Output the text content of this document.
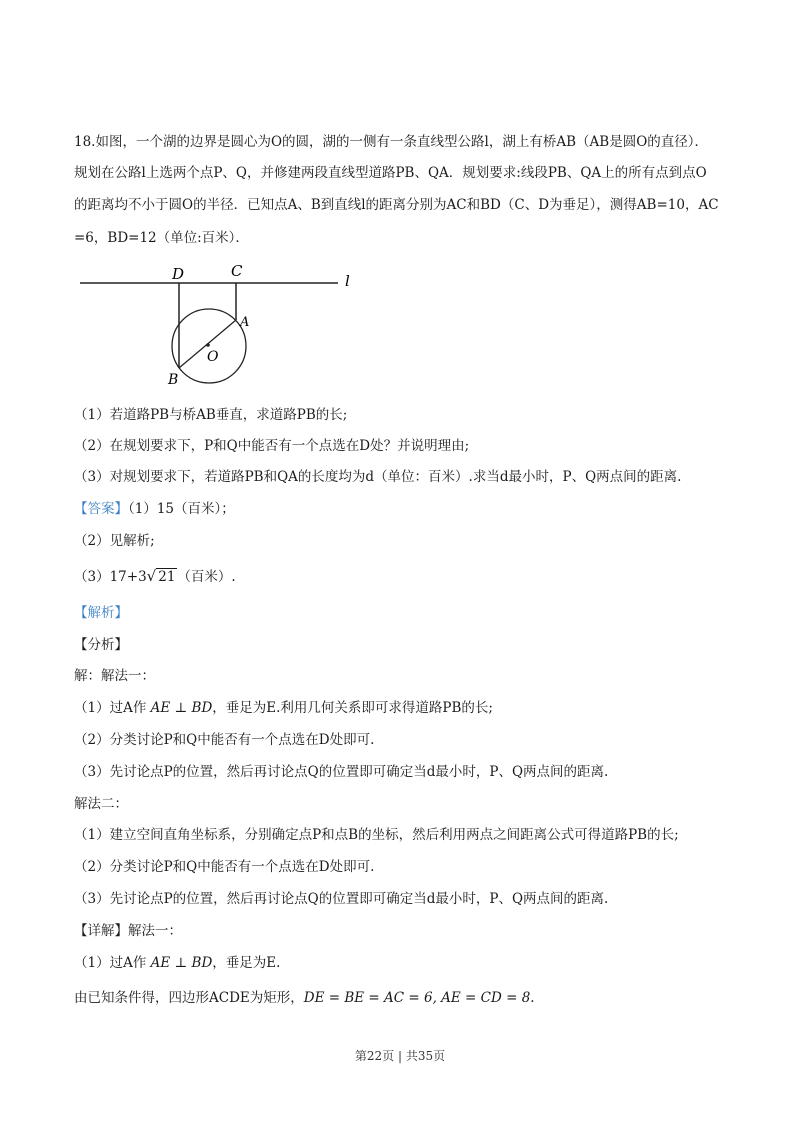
18.如图，一个湖的边界是圆心为O的圆，湖的一侧有一条直线型公路l，湖上有桥AB（AB是圆O的直径）．
规划在公路l上选两个点P、Q，并修建两段直线型道路PB、QA．规划要求:线段PB、QA上的所有点到点O
的距离均不小于圆O的半径．已知点A、B到直线l的距离分别为AC和BD（C、D为垂足），测得AB=10，AC
=6，BD=12（单位:百米）．
D	C
l
A
O
B
（1）若道路PB与桥AB垂直，求道路PB的长;
（2）在规划要求下，P和Q中能否有一个点选在D处？并说明理由;
（3）对规划要求下，若道路PB和QA的长度均为d（单位：百米）.求当d最小时，P、Q两点间的距离.
【答案】（1）15（百米）；
（2）见解析;
（3）17+3√ 21 （百米）.
【解析】
【分析】
解：解法一：
（1）过A作 AE ⊥ BD，垂足为E.利用几何关系即可求得道路PB的长;
（2）分类讨论P和Q中能否有一个点选在D处即可.
（3）先讨论点P的位置，然后再讨论点Q的位置即可确定当d最小时，P、Q两点间的距离.
解法二：
（1）建立空间直角坐标系，分别确定点P和点B的坐标，然后利用两点之间距离公式可得道路PB的长;
（2）分类讨论P和Q中能否有一个点选在D处即可.
（3）先讨论点P的位置，然后再讨论点Q的位置即可确定当d最小时，P、Q两点间的距离.
【详解】解法一：
（1）过A作 AE ⊥ BD，垂足为E.
由已知条件得，四边形ACDE为矩形，DE = BE = AC = 6, AE = CD = 8.
第22页 | 共35页
